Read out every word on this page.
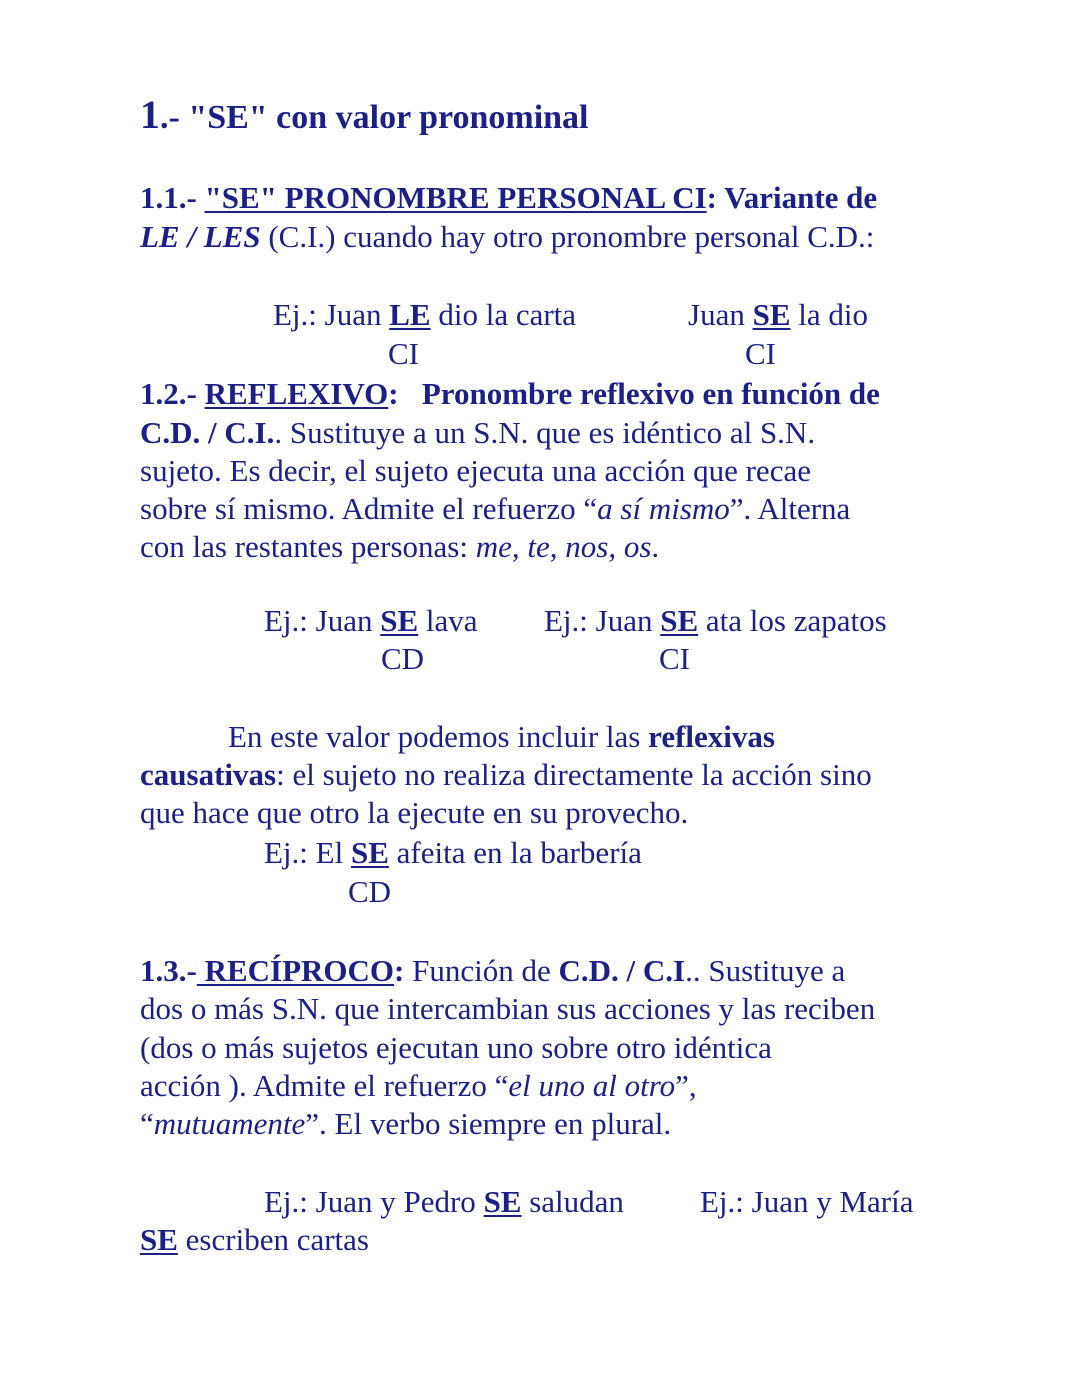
1.- "SE" con valor pronominal
1.1.- "SE" PRONOMBRE PERSONAL CI: Variante de
LE / LES (C.I.) cuando hay otro pronombre personal C.D.:
Ej.: Juan LE dio la carta	Juan SE la dio
CI	CI
1.2.- REFLEXIVO:   Pronombre reflexivo en función de
C.D. / C.I.. Sustituye a un S.N. que es idéntico al S.N.
sujeto. Es decir, el sujeto ejecuta una acción que recae
sobre sí mismo. Admite el refuerzo “a sí mismo”. Alterna
con las restantes personas: me, te, nos, os.
Ej.: Juan SE lava Ej.: Juan SE ata los zapatos
CD	CI
En este valor podemos incluir las reflexivas
causativas: el sujeto no realiza directamente la acción sino
que hace que otro la ejecute en su provecho.
Ej.: El SE afeita en la barbería
CD
1.3.- RECÍPROCO: Función de C.D. / C.I.. Sustituye a
dos o más S.N. que intercambian sus acciones y las reciben
(dos o más sujetos ejecutan uno sobre otro idéntica
acción ). Admite el refuerzo “el uno al otro”,
“mutuamente”. El verbo siempre en plural.
Ej.: Juan y Pedro SE saludan Ej.: Juan y María
SE escriben cartas
